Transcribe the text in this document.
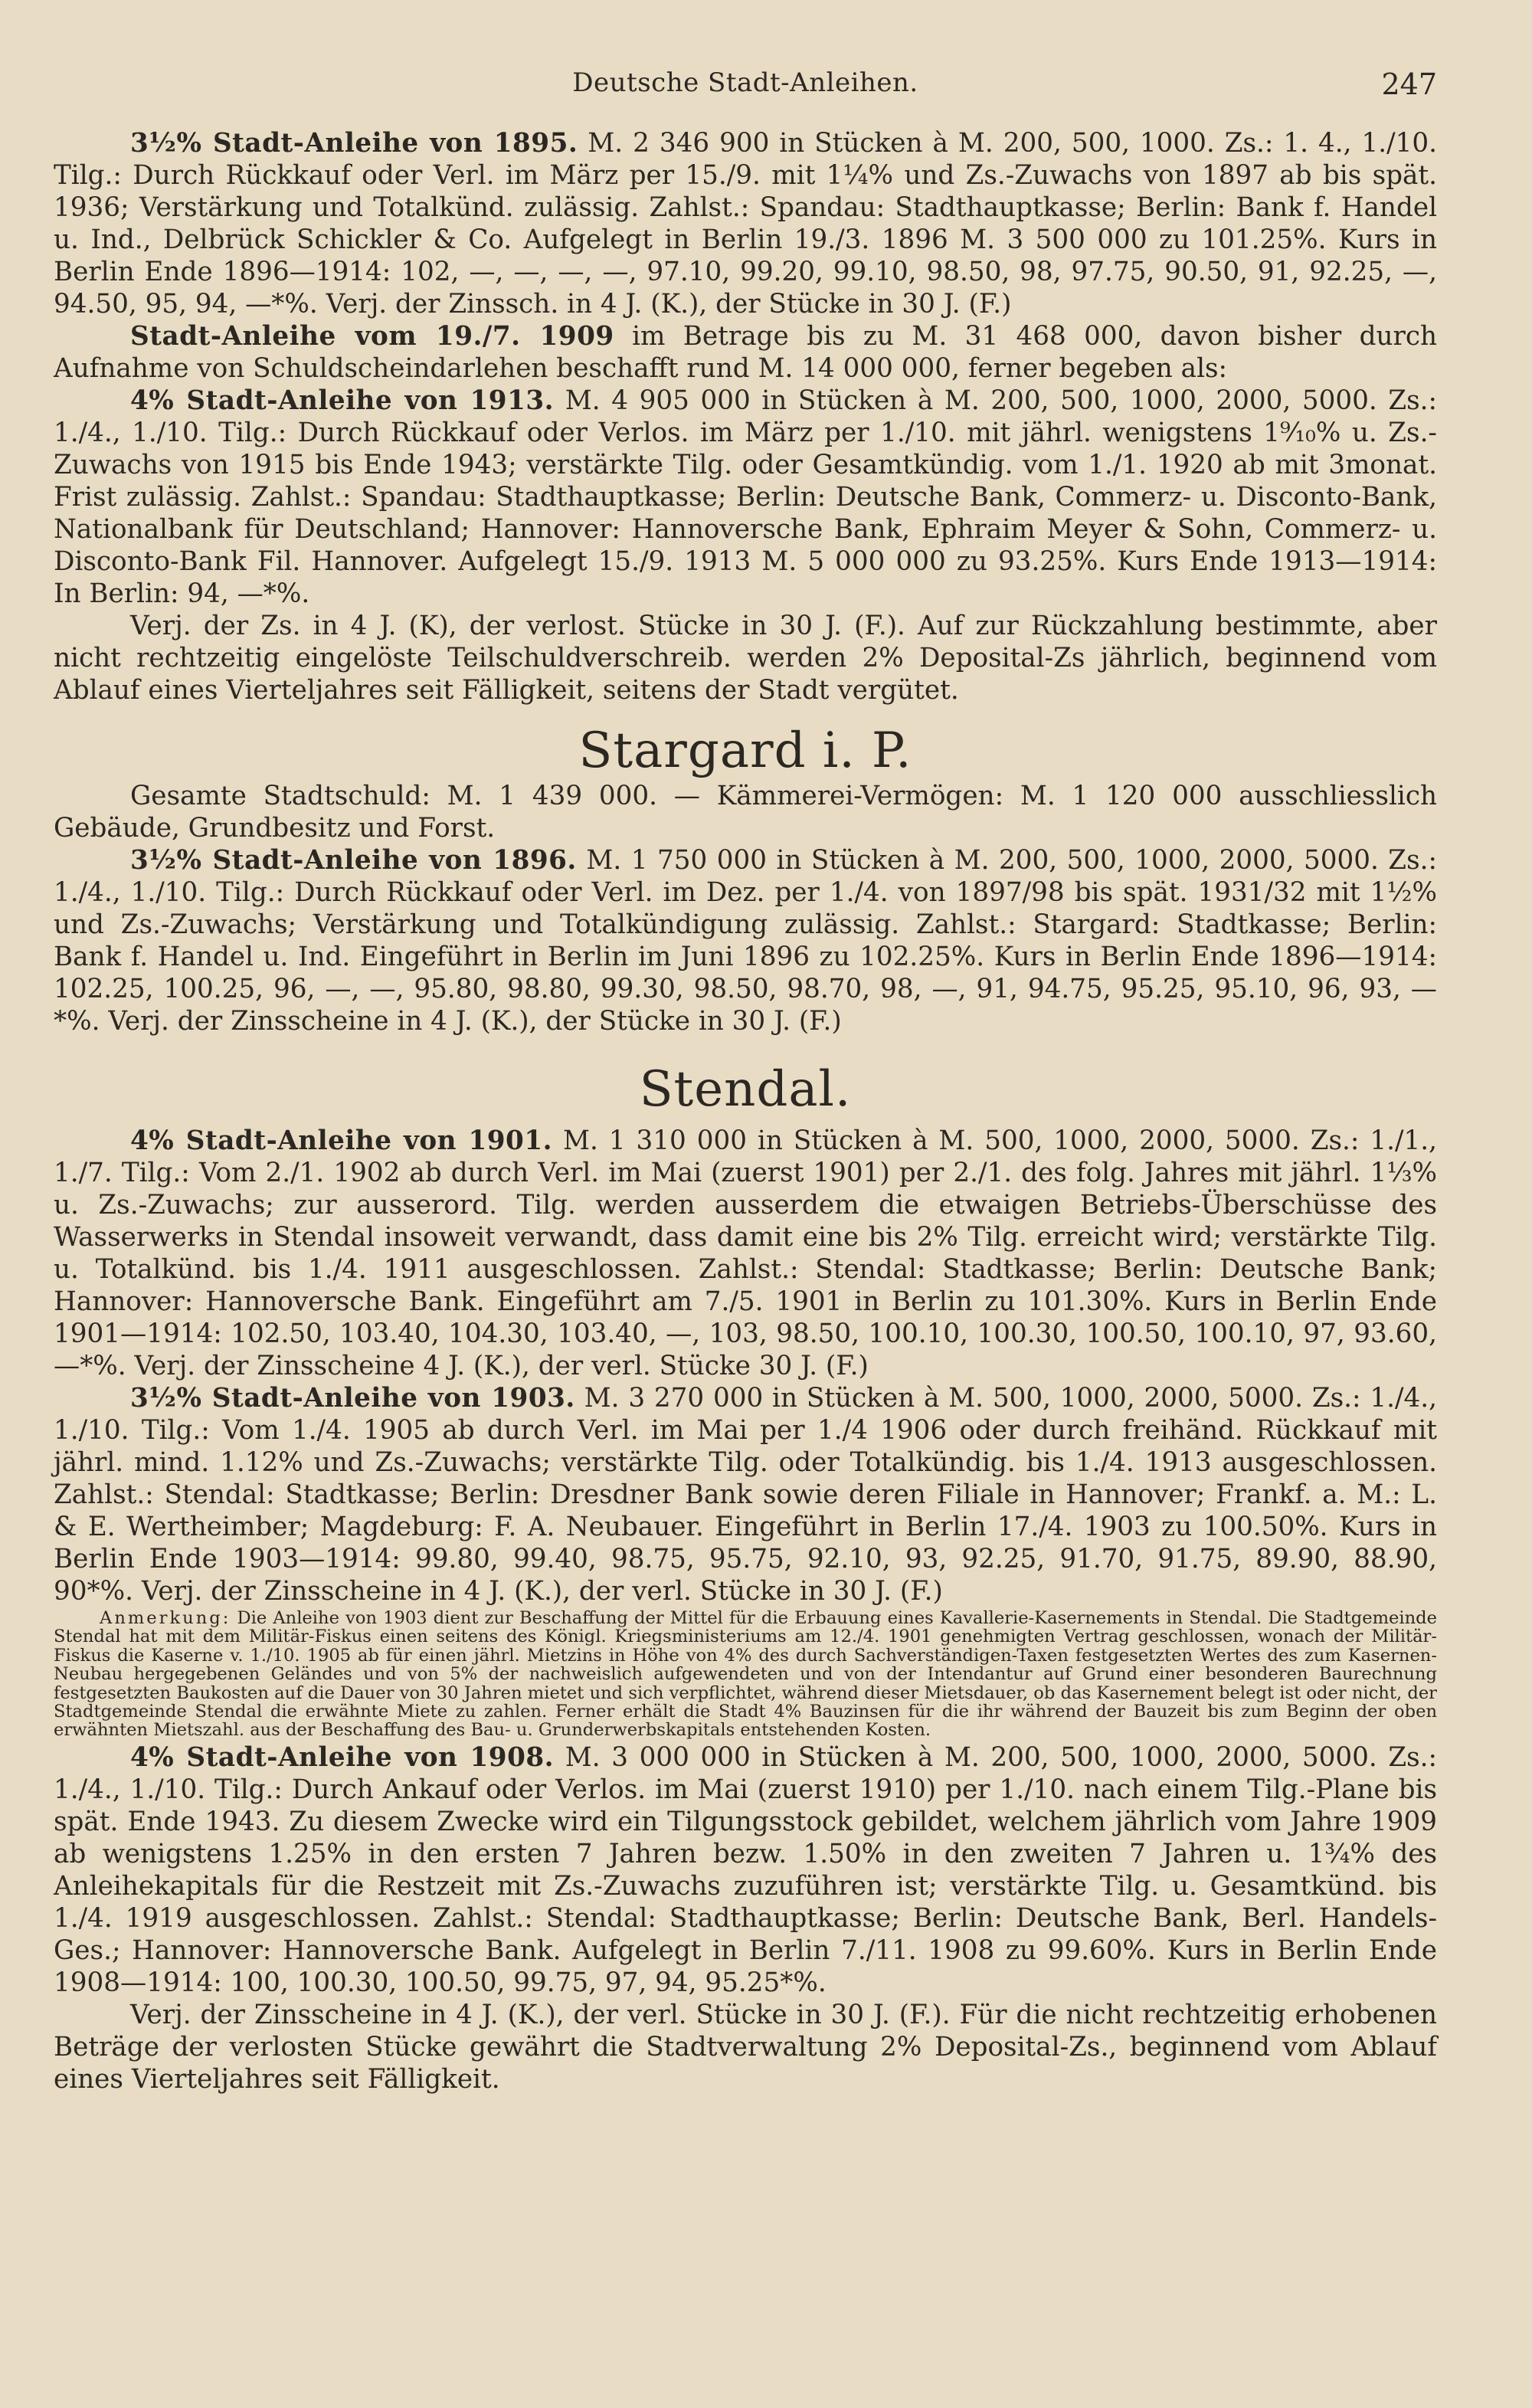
Deutsche Stadt-Anleihen.	247

3½% Stadt-Anleihe von 1895. M. 2 346 900 in Stücken à M. 200, 500, 1000. Zs.: 1. 4., 1./10. Tilg.: Durch Rückkauf oder Verl. im März per 15./9. mit 1¼% und Zs.-Zuwachs von 1897 ab bis spät. 1936; Verstärkung und Totalkünd. zulässig. Zahlst.: Spandau: Stadthauptkasse; Berlin: Bank f. Handel u. Ind., Delbrück Schickler & Co. Aufgelegt in Berlin 19./3. 1896 M. 3 500 000 zu 101.25%. Kurs in Berlin Ende 1896—1914: 102, —, —, —, —, 97.10, 99.20, 99.10, 98.50, 98, 97.75, 90.50, 91, 92.25, —, 94.50, 95, 94, —*%. Verj. der Zinssch. in 4 J. (K.), der Stücke in 30 J. (F.)

Stadt-Anleihe vom 19./7. 1909 im Betrage bis zu M. 31 468 000, davon bisher durch Aufnahme von Schuldscheindarlehen beschafft rund M. 14 000 000, ferner begeben als:

4% Stadt-Anleihe von 1913. M. 4 905 000 in Stücken à M. 200, 500, 1000, 2000, 5000. Zs.: 1./4., 1./10. Tilg.: Durch Rückkauf oder Verlos. im März per 1./10. mit jährl. wenigstens 1⁹⁄₁₀% u. Zs.-Zuwachs von 1915 bis Ende 1943; verstärkte Tilg. oder Gesamtkündig. vom 1./1. 1920 ab mit 3monat. Frist zulässig. Zahlst.: Spandau: Stadthauptkasse; Berlin: Deutsche Bank, Commerz- u. Disconto-Bank, Nationalbank für Deutschland; Hannover: Hannoversche Bank, Ephraim Meyer & Sohn, Commerz- u. Disconto-Bank Fil. Hannover. Aufgelegt 15./9. 1913 M. 5 000 000 zu 93.25%. Kurs Ende 1913—1914: In Berlin: 94, —*%.

Verj. der Zs. in 4 J. (K), der verlost. Stücke in 30 J. (F.). Auf zur Rückzahlung bestimmte, aber nicht rechtzeitig eingelöste Teilschuldverschreib. werden 2% Deposital-Zs jährlich, beginnend vom Ablauf eines Vierteljahres seit Fälligkeit, seitens der Stadt vergütet.

Stargard i. P.

Gesamte Stadtschuld: M. 1 439 000. — Kämmerei-Vermögen: M. 1 120 000 ausschliesslich Gebäude, Grundbesitz und Forst.

3½% Stadt-Anleihe von 1896. M. 1 750 000 in Stücken à M. 200, 500, 1000, 2000, 5000. Zs.: 1./4., 1./10. Tilg.: Durch Rückkauf oder Verl. im Dez. per 1./4. von 1897/98 bis spät. 1931/32 mit 1½% und Zs.-Zuwachs; Verstärkung und Totalkündigung zulässig. Zahlst.: Stargard: Stadtkasse; Berlin: Bank f. Handel u. Ind. Eingeführt in Berlin im Juni 1896 zu 102.25%. Kurs in Berlin Ende 1896—1914: 102.25, 100.25, 96, —, —, 95.80, 98.80, 99.30, 98.50, 98.70, 98, —, 91, 94.75, 95.25, 95.10, 96, 93, —*%. Verj. der Zinsscheine in 4 J. (K.), der Stücke in 30 J. (F.)

Stendal.

4% Stadt-Anleihe von 1901. M. 1 310 000 in Stücken à M. 500, 1000, 2000, 5000. Zs.: 1./1., 1./7. Tilg.: Vom 2./1. 1902 ab durch Verl. im Mai (zuerst 1901) per 2./1. des folg. Jahres mit jährl. 1⅓% u. Zs.-Zuwachs; zur ausserord. Tilg. werden ausserdem die etwaigen Betriebs-Überschüsse des Wasserwerks in Stendal insoweit verwandt, dass damit eine bis 2% Tilg. erreicht wird; verstärkte Tilg. u. Totalkünd. bis 1./4. 1911 ausgeschlossen. Zahlst.: Stendal: Stadtkasse; Berlin: Deutsche Bank; Hannover: Hannoversche Bank. Eingeführt am 7./5. 1901 in Berlin zu 101.30%. Kurs in Berlin Ende 1901—1914: 102.50, 103.40, 104.30, 103.40, —, 103, 98.50, 100.10, 100.30, 100.50, 100.10, 97, 93.60, —*%. Verj. der Zinsscheine 4 J. (K.), der verl. Stücke 30 J. (F.)

3½% Stadt-Anleihe von 1903. M. 3 270 000 in Stücken à M. 500, 1000, 2000, 5000. Zs.: 1./4., 1./10. Tilg.: Vom 1./4. 1905 ab durch Verl. im Mai per 1./4 1906 oder durch freihänd. Rückkauf mit jährl. mind. 1.12% und Zs.-Zuwachs; verstärkte Tilg. oder Totalkündig. bis 1./4. 1913 ausgeschlossen. Zahlst.: Stendal: Stadtkasse; Berlin: Dresdner Bank sowie deren Filiale in Hannover; Frankf. a. M.: L. & E. Wertheimber; Magdeburg: F. A. Neubauer. Eingeführt in Berlin 17./4. 1903 zu 100.50%. Kurs in Berlin Ende 1903—1914: 99.80, 99.40, 98.75, 95.75, 92.10, 93, 92.25, 91.70, 91.75, 89.90, 88.90, 90*%. Verj. der Zinsscheine in 4 J. (K.), der verl. Stücke in 30 J. (F.)

Anmerkung: Die Anleihe von 1903 dient zur Beschaffung der Mittel für die Erbauung eines Kavallerie-Kasernements in Stendal. Die Stadtgemeinde Stendal hat mit dem Militär-Fiskus einen seitens des Königl. Kriegsministeriums am 12./4. 1901 genehmigten Vertrag geschlossen, wonach der Militär-Fiskus die Kaserne v. 1./10. 1905 ab für einen jährl. Mietzins in Höhe von 4% des durch Sachverständigen-Taxen festgesetzten Wertes des zum Kasernen-Neubau hergegebenen Geländes und von 5% der nachweislich aufgewendeten und von der Intendantur auf Grund einer besonderen Baurechnung festgesetzten Baukosten auf die Dauer von 30 Jahren mietet und sich verpflichtet, während dieser Mietsdauer, ob das Kasernement belegt ist oder nicht, der Stadtgemeinde Stendal die erwähnte Miete zu zahlen. Ferner erhält die Stadt 4% Bauzinsen für die ihr während der Bauzeit bis zum Beginn der oben erwähnten Mietszahl. aus der Beschaffung des Bau- u. Grunderwerbskapitals entstehenden Kosten.

4% Stadt-Anleihe von 1908. M. 3 000 000 in Stücken à M. 200, 500, 1000, 2000, 5000. Zs.: 1./4., 1./10. Tilg.: Durch Ankauf oder Verlos. im Mai (zuerst 1910) per 1./10. nach einem Tilg.-Plane bis spät. Ende 1943. Zu diesem Zwecke wird ein Tilgungsstock gebildet, welchem jährlich vom Jahre 1909 ab wenigstens 1.25% in den ersten 7 Jahren bezw. 1.50% in den zweiten 7 Jahren u. 1¾% des Anleihekapitals für die Restzeit mit Zs.-Zuwachs zuzuführen ist; verstärkte Tilg. u. Gesamtkünd. bis 1./4. 1919 ausgeschlossen. Zahlst.: Stendal: Stadthauptkasse; Berlin: Deutsche Bank, Berl. Handels-Ges.; Hannover: Hannoversche Bank. Aufgelegt in Berlin 7./11. 1908 zu 99.60%. Kurs in Berlin Ende 1908—1914: 100, 100.30, 100.50, 99.75, 97, 94, 95.25*%.

Verj. der Zinsscheine in 4 J. (K.), der verl. Stücke in 30 J. (F.). Für die nicht rechtzeitig erhobenen Beträge der verlosten Stücke gewährt die Stadtverwaltung 2% Deposital-Zs., beginnend vom Ablauf eines Vierteljahres seit Fälligkeit.
